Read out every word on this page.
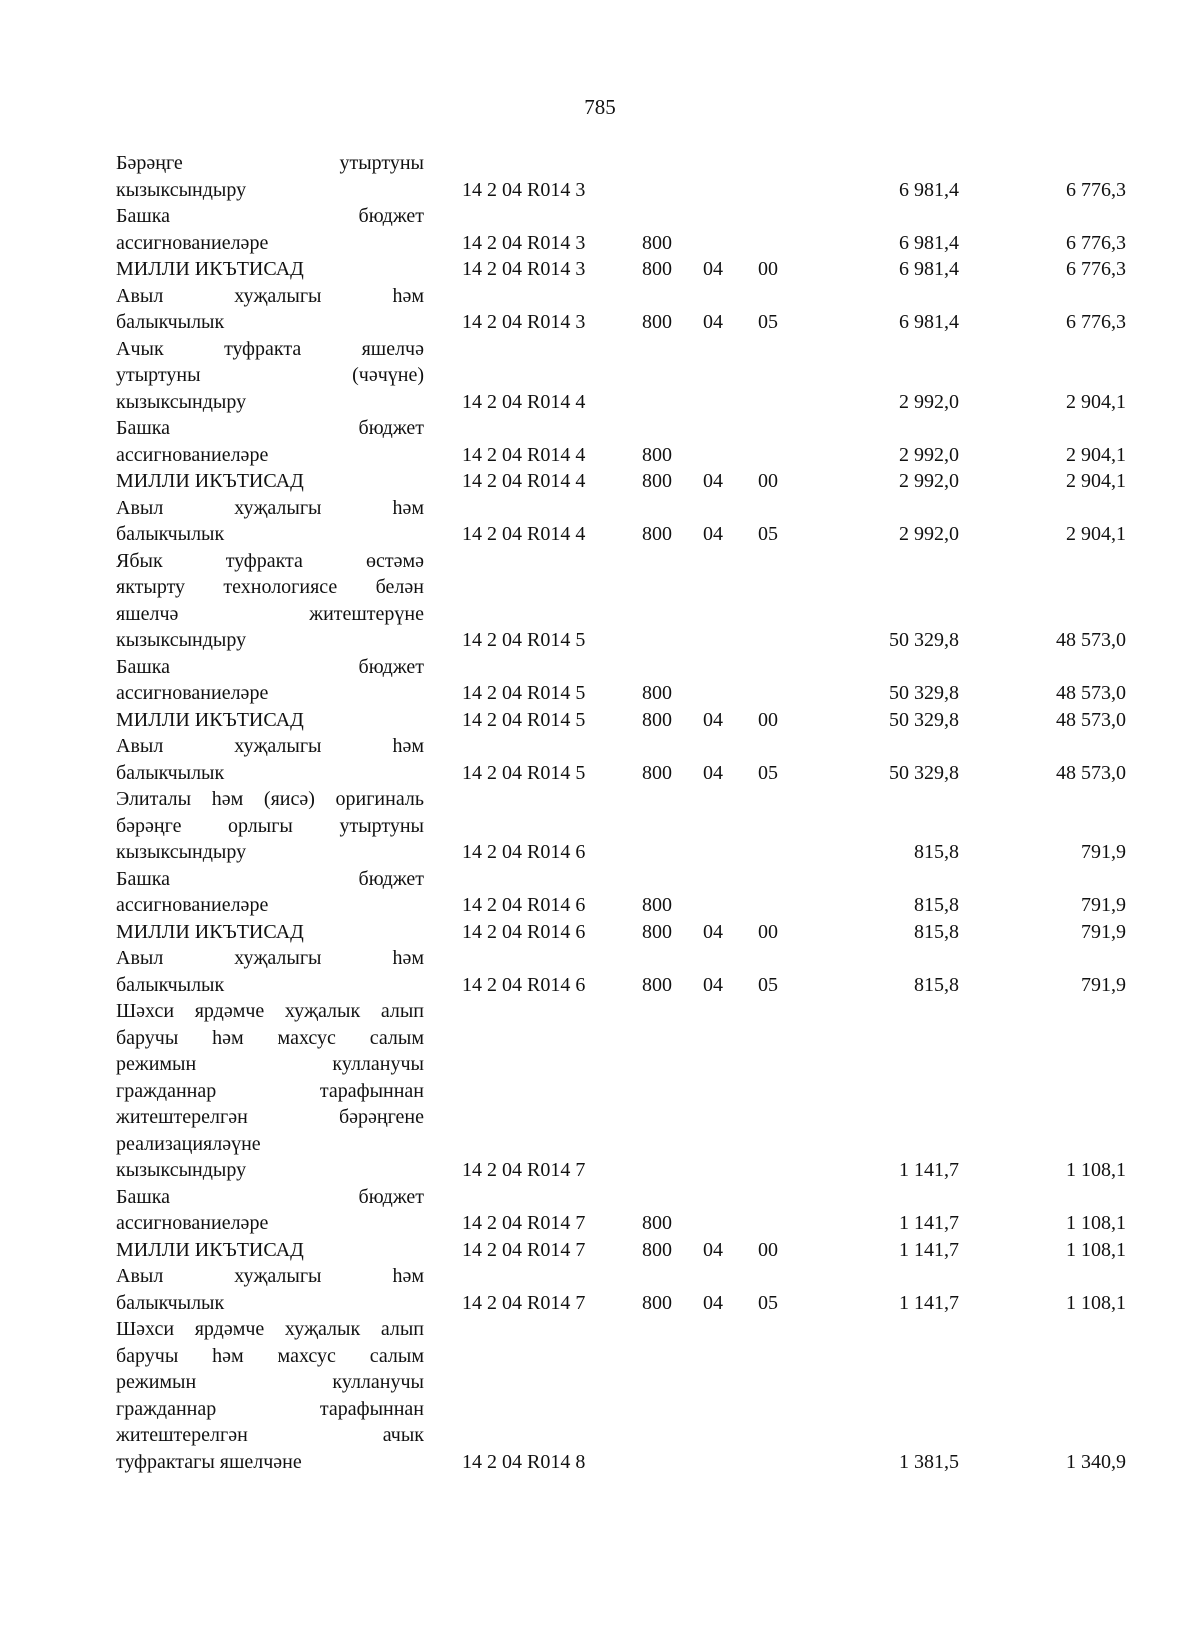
785
Бәрәңге утыртуны
кызыксындыру	14 2 04 R014 3	6 981,4	6 776,3
Башка бюджет
ассигнованиеләре	14 2 04 R014 3	800	6 981,4	6 776,3
МИЛЛИ ИКЪТИСАД	14 2 04 R014 3	800 04 00	6 981,4	6 776,3
Авыл хуҗалыгы һәм
балыкчылык	14 2 04 R014 3	800 04 05	6 981,4	6 776,3
Ачык туфракта яшелчә
утыртуны (чәчүне)
кызыксындыру	14 2 04 R014 4	2 992,0	2 904,1
Башка бюджет
ассигнованиеләре	14 2 04 R014 4	800	2 992,0	2 904,1
МИЛЛИ ИКЪТИСАД	14 2 04 R014 4	800 04 00	2 992,0	2 904,1
Авыл хуҗалыгы һәм
балыкчылык	14 2 04 R014 4	800 04 05	2 992,0	2 904,1
Ябык туфракта өстәмә
яктырту технологиясе белән
яшелчә житештерүне
кызыксындыру	14 2 04 R014 5	50 329,8	48 573,0
Башка бюджет
ассигнованиеләре	14 2 04 R014 5	800	50 329,8	48 573,0
МИЛЛИ ИКЪТИСАД	14 2 04 R014 5	800 04 00	50 329,8	48 573,0
Авыл хуҗалыгы һәм
балыкчылык	14 2 04 R014 5	800 04 05	50 329,8	48 573,0
Элиталы һәм (яисә) оригиналь
бәрәңге орлыгы утыртуны
кызыксындыру	14 2 04 R014 6	815,8	791,9
Башка бюджет
ассигнованиеләре	14 2 04 R014 6	800	815,8	791,9
МИЛЛИ ИКЪТИСАД	14 2 04 R014 6	800 04 00	815,8	791,9
Авыл хуҗалыгы һәм
балыкчылык	14 2 04 R014 6	800 04 05	815,8	791,9
Шәхси ярдәмче хуҗалык алып
баручы һәм махсус салым
режимын кулланучы
гражданнар тарафыннан
житештерелгән бәрәңгене
реализацияләүне
кызыксындыру	14 2 04 R014 7	1 141,7	1 108,1
Башка бюджет
ассигнованиеләре	14 2 04 R014 7	800	1 141,7	1 108,1
МИЛЛИ ИКЪТИСАД	14 2 04 R014 7	800 04 00	1 141,7	1 108,1
Авыл хуҗалыгы һәм
балыкчылык	14 2 04 R014 7	800 04 05	1 141,7	1 108,1
Шәхси ярдәмче хуҗалык алып
баручы һәм махсус салым
режимын кулланучы
гражданнар тарафыннан
житештерелгән ачык
туфрактагы яшелчәне	14 2 04 R014 8	1 381,5	1 340,9
